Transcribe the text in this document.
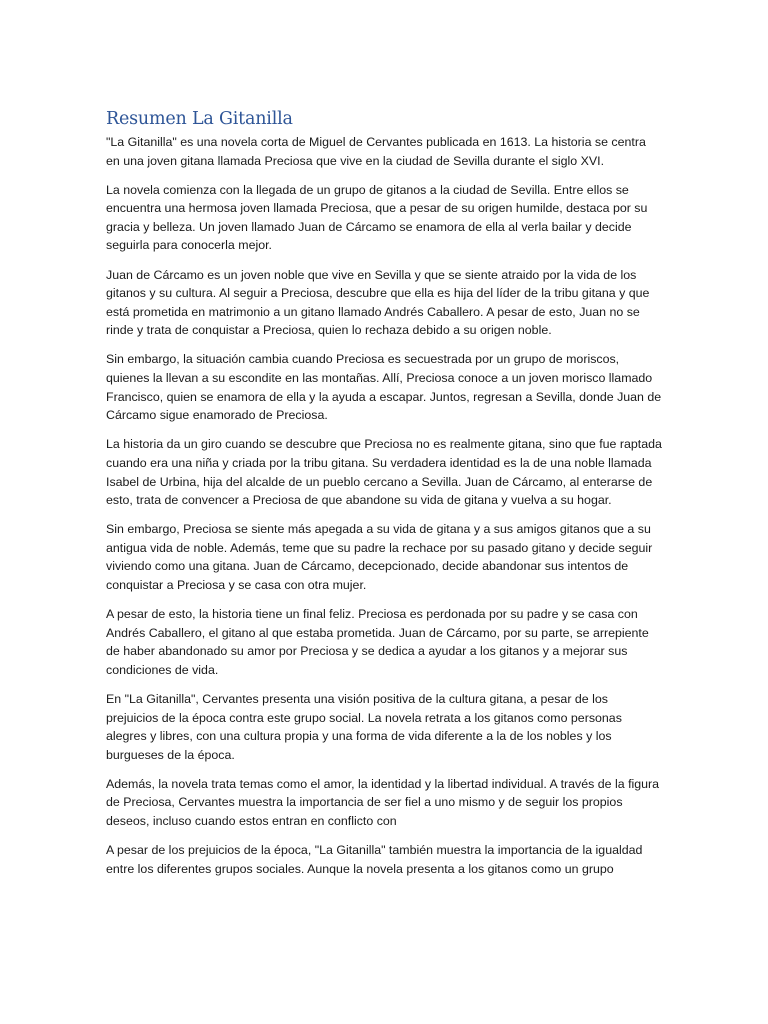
Resumen La Gitanilla

"La Gitanilla" es una novela corta de Miguel de Cervantes publicada en 1613. La historia se centra en una joven gitana llamada Preciosa que vive en la ciudad de Sevilla durante el siglo XVI.

La novela comienza con la llegada de un grupo de gitanos a la ciudad de Sevilla. Entre ellos se encuentra una hermosa joven llamada Preciosa, que a pesar de su origen humilde, destaca por su gracia y belleza. Un joven llamado Juan de Cárcamo se enamora de ella al verla bailar y decide seguirla para conocerla mejor.

Juan de Cárcamo es un joven noble que vive en Sevilla y que se siente atraido por la vida de los gitanos y su cultura. Al seguir a Preciosa, descubre que ella es hija del líder de la tribu gitana y que está prometida en matrimonio a un gitano llamado Andrés Caballero. A pesar de esto, Juan no se rinde y trata de conquistar a Preciosa, quien lo rechaza debido a su origen noble.

Sin embargo, la situación cambia cuando Preciosa es secuestrada por un grupo de moriscos, quienes la llevan a su escondite en las montañas. Allí, Preciosa conoce a un joven morisco llamado Francisco, quien se enamora de ella y la ayuda a escapar. Juntos, regresan a Sevilla, donde Juan de Cárcamo sigue enamorado de Preciosa.

La historia da un giro cuando se descubre que Preciosa no es realmente gitana, sino que fue raptada cuando era una niña y criada por la tribu gitana. Su verdadera identidad es la de una noble llamada Isabel de Urbina, hija del alcalde de un pueblo cercano a Sevilla. Juan de Cárcamo, al enterarse de esto, trata de convencer a Preciosa de que abandone su vida de gitana y vuelva a su hogar.

Sin embargo, Preciosa se siente más apegada a su vida de gitana y a sus amigos gitanos que a su antigua vida de noble. Además, teme que su padre la rechace por su pasado gitano y decide seguir viviendo como una gitana. Juan de Cárcamo, decepcionado, decide abandonar sus intentos de conquistar a Preciosa y se casa con otra mujer.

A pesar de esto, la historia tiene un final feliz. Preciosa es perdonada por su padre y se casa con Andrés Caballero, el gitano al que estaba prometida. Juan de Cárcamo, por su parte, se arrepiente de haber abandonado su amor por Preciosa y se dedica a ayudar a los gitanos y a mejorar sus condiciones de vida.

En "La Gitanilla", Cervantes presenta una visión positiva de la cultura gitana, a pesar de los prejuicios de la época contra este grupo social. La novela retrata a los gitanos como personas alegres y libres, con una cultura propia y una forma de vida diferente a la de los nobles y los burgueses de la época.

Además, la novela trata temas como el amor, la identidad y la libertad individual. A través de la figura de Preciosa, Cervantes muestra la importancia de ser fiel a uno mismo y de seguir los propios deseos, incluso cuando estos entran en conflicto con

A pesar de los prejuicios de la época, "La Gitanilla" también muestra la importancia de la igualdad entre los diferentes grupos sociales. Aunque la novela presenta a los gitanos como un grupo
